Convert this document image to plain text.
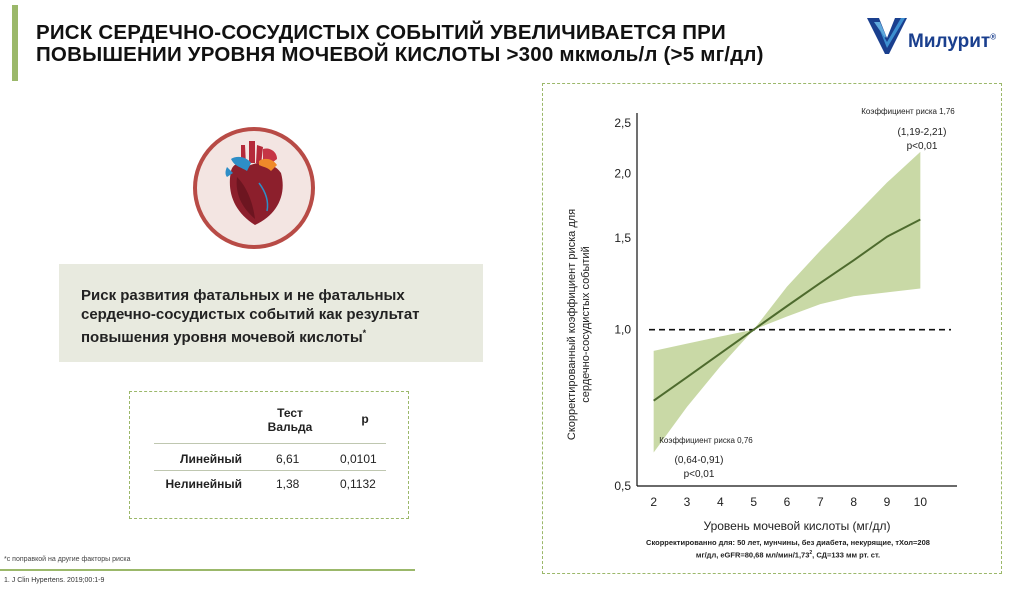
РИСК СЕРДЕЧНО-СОСУДИСТЫХ СОБЫТИЙ УВЕЛИЧИВАЕТСЯ ПРИ
ПОВЫШЕНИИ УРОВНЯ МОЧЕВОЙ КИСЛОТЫ >300 мкмоль/л (>5 мг/дл)
Милурит®
Риск развития фатальных и не фатальных сердечно-сосудистых событий как результат повышения уровня мочевой кислоты*
Тест Вальда
p
Линейный	6,61	0,0101
Нелинейный	1,38	0,1132
*с поправкой на другие факторы риска
1. J Clin Hypertens. 2019;00:1-9
0,5
1,0
1,5
2,0
2,5
2 3 4 5 6 7 8 9 10
Уровень мочевой кислоты (мг/дл)
Скорректированный коэффициент риска для сердечно-сосудистых событий
Коэффициент риска 1,76
(1,19-2,21)
p<0,01
Коэффициент риска 0,76
(0,64-0,91)
p<0,01
Скорректированно для: 50 лет, мунчины, без диабета, некурящие, тХол=208
мг/дл, eGFR=80,68 мл/мин/1,73$^2$, СД=133 мм рт. ст.
